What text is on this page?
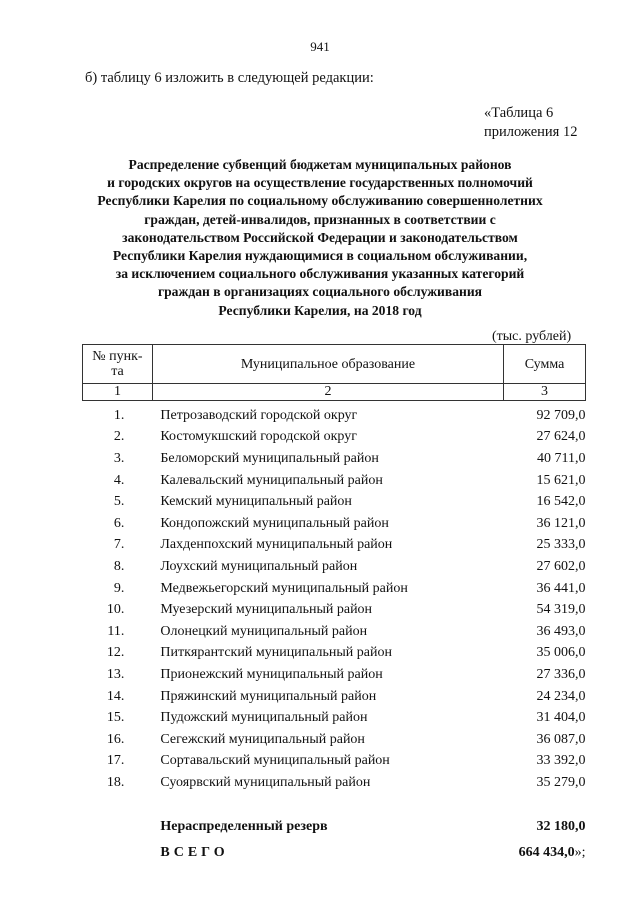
941
б) таблицу 6 изложить в следующей редакции:
«Таблица 6
приложения 12
Распределение субвенций бюджетам муниципальных районов
и городских округов на осуществление государственных полномочий
Республики Карелия по социальному обслуживанию совершеннолетних
граждан, детей-инвалидов, признанных в соответствии с
законодательством Российской Федерации и законодательством
Республики Карелия нуждающимися в социальном обслуживании,
за исключением социального обслуживания указанных категорий
граждан в организациях социального обслуживания
Республики Карелия, на 2018 год
(тыс. рублей)
№ пунк-
та	Муниципальное образование	Сумма
1	2	3

1.	Петрозаводский городской округ	92 709,0
2.	Костомукшский городской округ	27 624,0
3.	Беломорский муниципальный район	40 711,0
4.	Калевальский муниципальный район	15 621,0
5.	Кемский муниципальный район	16 542,0
6.	Кондопожский муниципальный район	36 121,0
7.	Лахденпохский муниципальный район	25 333,0
8.	Лоухский муниципальный район	27 602,0
9.	Медвежьегорский муниципальный район	36 441,0
10.	Муезерский муниципальный район	54 319,0
11.	Олонецкий муниципальный район	36 493,0
12.	Питкярантский муниципальный район	35 006,0
13.	Прионежский муниципальный район	27 336,0
14.	Пряжинский муниципальный район	24 234,0
15.	Пудожский муниципальный район	31 404,0
16.	Сегежский муниципальный район	36 087,0
17.	Сортавальский муниципальный район	33 392,0
18.	Суоярвский муниципальный район	35 279,0

	Нераспределенный резерв	32 180,0
	ВСЕГО	664 434,0»;
